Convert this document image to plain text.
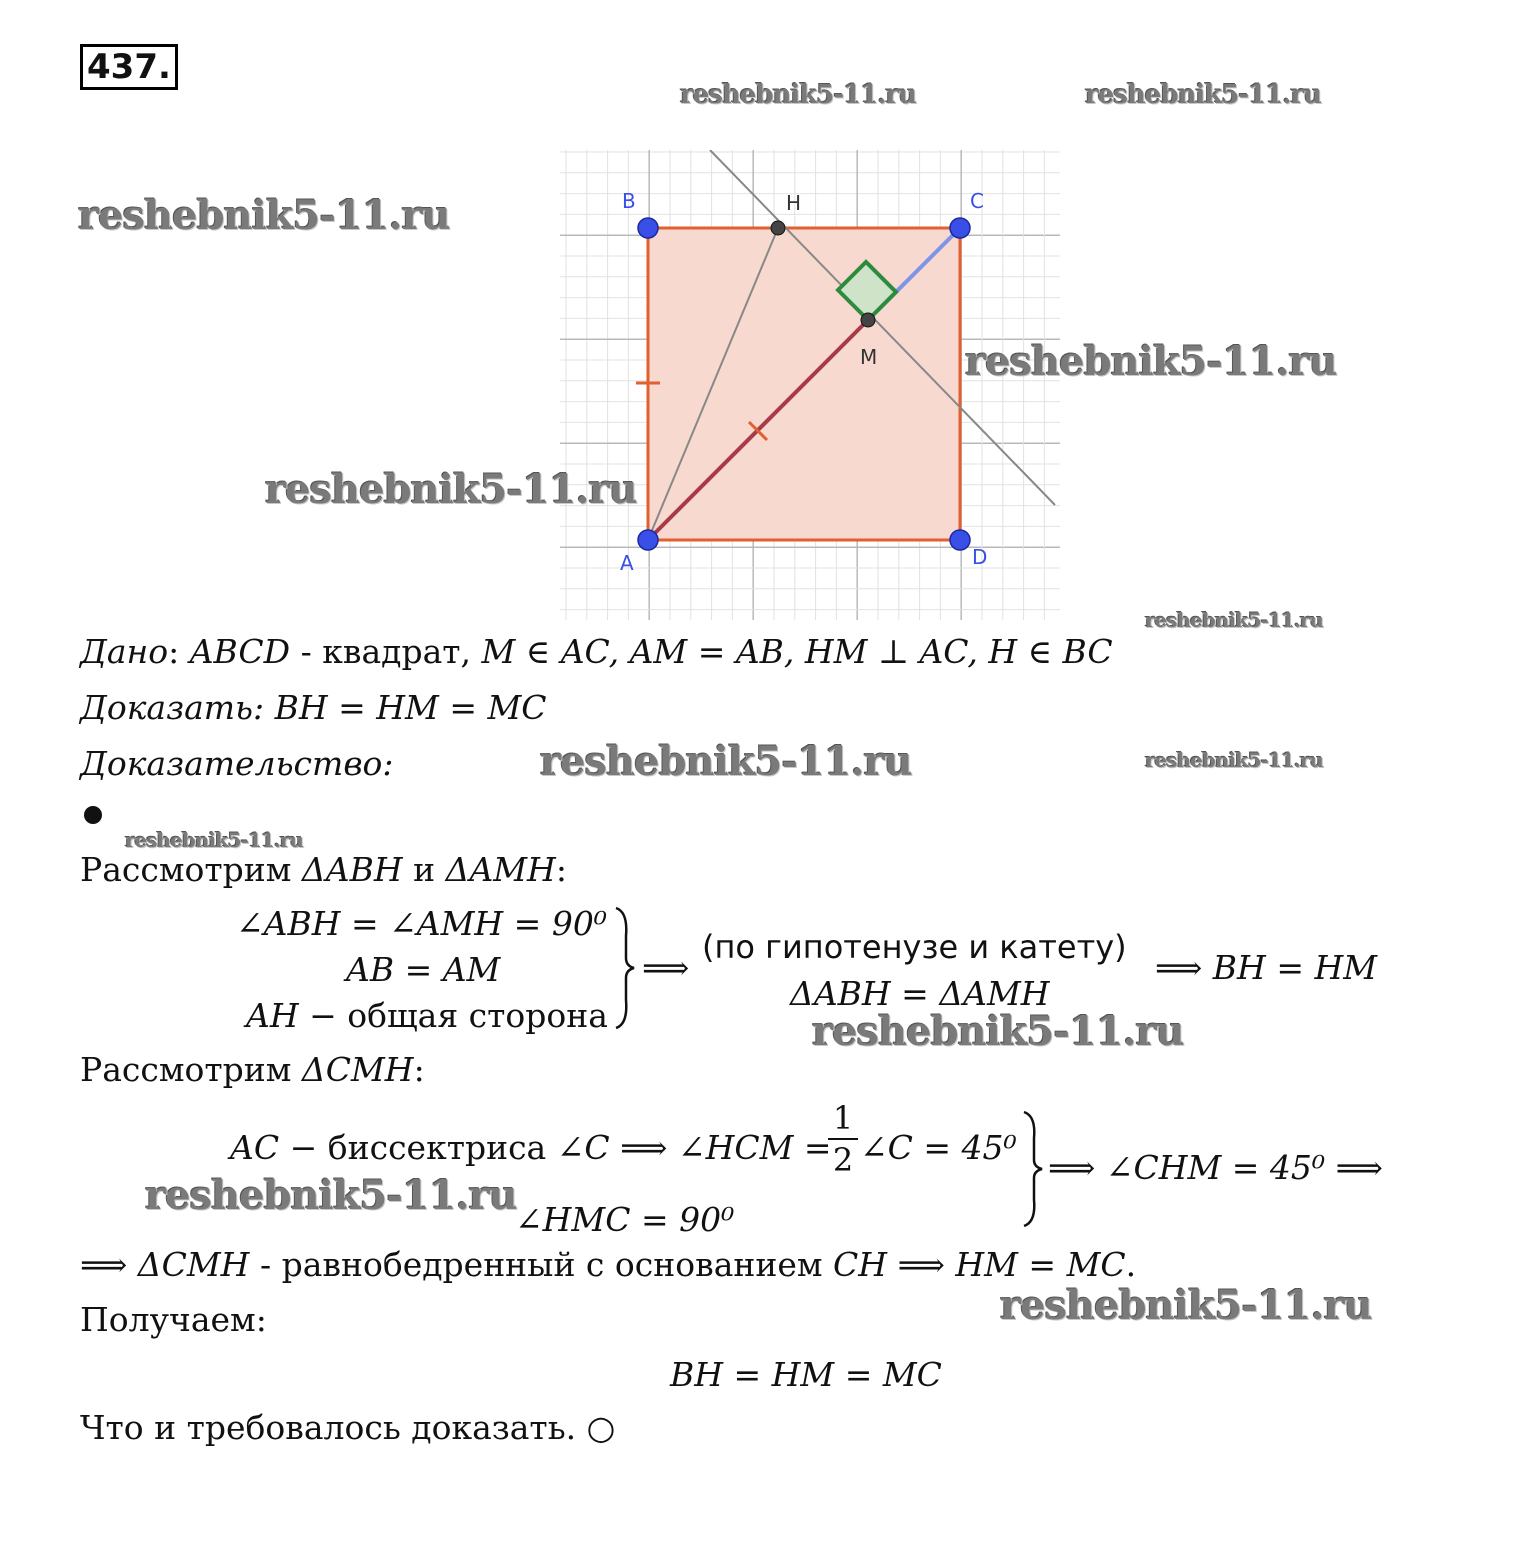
437.
reshebnik5-11.ru	reshebnik5-11.ru
reshebnik5-11.ru	B	H	C
M
A	D
reshebnik5-11.ru
reshebnik5-11.ru
reshebnik5-11.ru
Дано: ABCD - квадрат, M ∈ AC, AM = AB, HM ⊥ AC, H ∈ BC
Доказать: BH = HM = MC
Доказательство:	reshebnik5-11.ru	reshebnik5-11.ru
reshebnik5-11.ru
Рассмотрим ΔABH и ΔAMH:
∠ABH = ∠AMH = 90⁰
AB = AM
AH − общая сторона
⟹
(по гипотенузе и катету)
ΔABH = ΔAMH
⟹ BH = HM
reshebnik5-11.ru
Рассмотрим ΔCMH:
AC − биссектриса ∠C ⟹ ∠HCM =
1
2 ∠C = 45⁰
∠HMC = 90⁰
⟹ ∠CHM = 45⁰ ⟹
reshebnik5-11.ru
⟹ ΔCMH - равнобедренный с основанием CH ⟹ HM = MC.
Получаем:	reshebnik5-11.ru
BH = HM = MC
Что и требовалось доказать. ○
